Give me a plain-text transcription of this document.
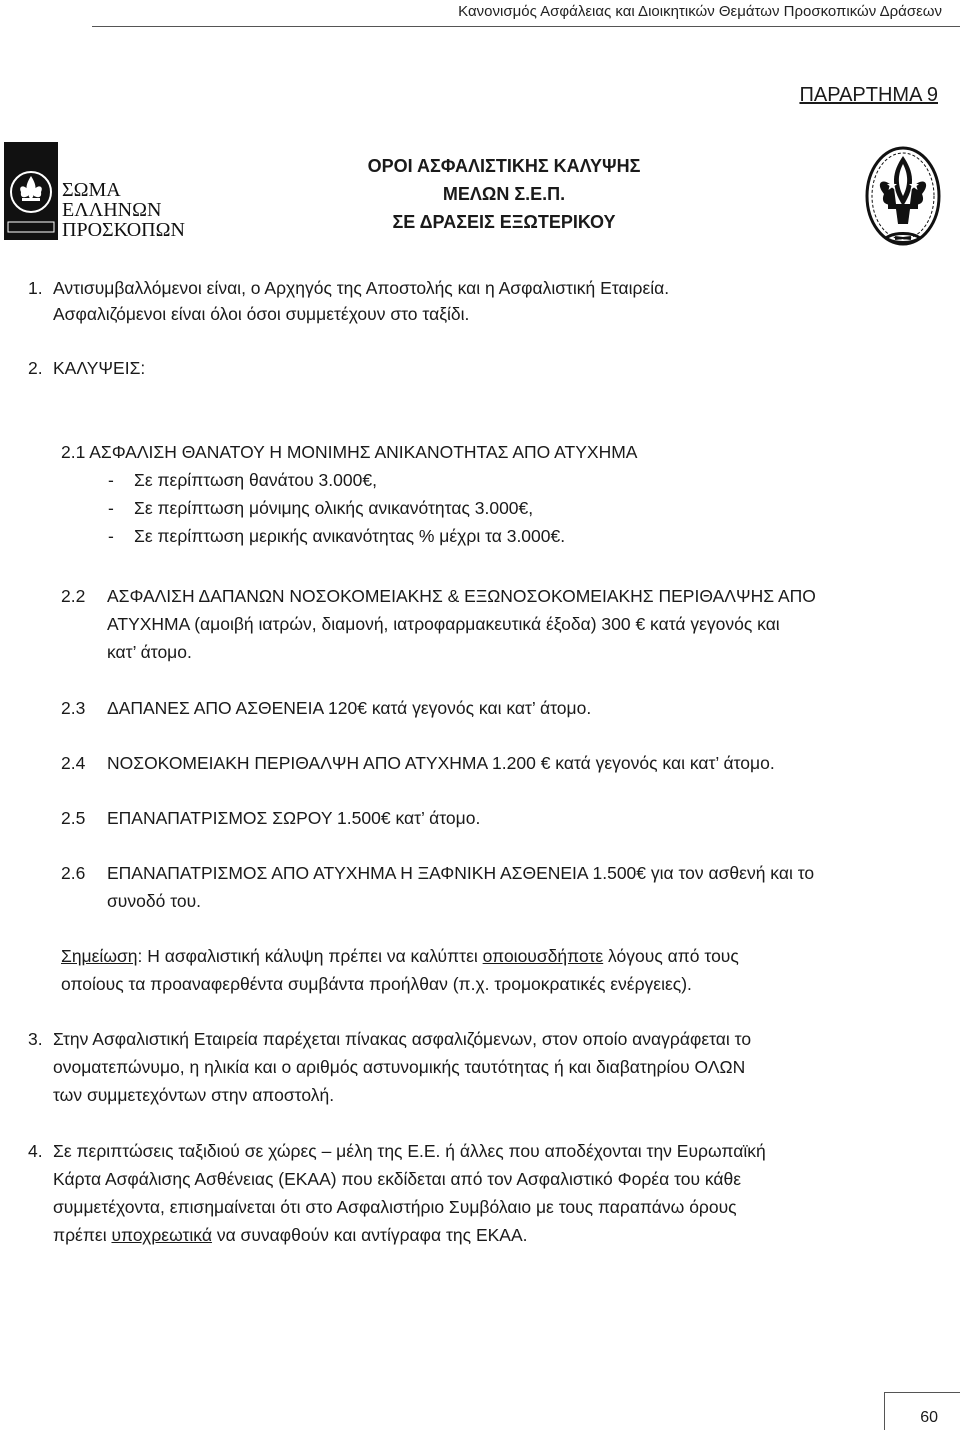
Κανονισμός Ασφάλειας και Διοικητικών Θεμάτων Προσκοπικών Δράσεων
ΠΑΡΑΡΤΗΜΑ 9
ΣΩΜΑ
ΕΛΛΗΝΩΝ
ΠΡΟΣΚΟΠΩΝ
ΟΡΟΙ ΑΣΦΑΛΙΣΤΙΚΗΣ ΚΑΛΥΨΗΣ
ΜΕΛΩΝ Σ.Ε.Π.
ΣΕ ΔΡΑΣΕΙΣ ΕΞΩΤΕΡΙΚΟΥ
1. Αντισυμβαλλόμενοι είναι, ο Αρχηγός της Αποστολής και η Ασφαλιστική Εταιρεία.
Ασφαλιζόμενοι είναι όλοι όσοι συμμετέχουν στο ταξίδι.
2. ΚΑΛΥΨΕΙΣ:
2.1 ΑΣΦΑΛΙΣΗ ΘΑΝΑΤΟΥ Η ΜΟΝΙΜΗΣ ΑΝΙΚΑΝΟΤΗΤΑΣ ΑΠΟ ΑΤΥΧΗΜΑ
- Σε περίπτωση θανάτου 3.000€,
- Σε περίπτωση μόνιμης ολικής ανικανότητας 3.000€,
- Σε περίπτωση μερικής ανικανότητας % μέχρι τα 3.000€.
2.2 ΑΣΦΑΛΙΣΗ ΔΑΠΑΝΩΝ ΝΟΣΟΚΟΜΕΙΑΚΗΣ & ΕΞΩΝΟΣΟΚΟΜΕΙΑΚΗΣ ΠΕΡΙΘΑΛΨΗΣ ΑΠΟ
ΑΤΥΧΗΜΑ (αμοιβή ιατρών, διαμονή, ιατροφαρμακευτικά έξοδα) 300 € κατά γεγονός και
κατ’ άτομο.
2.3 ΔΑΠΑΝΕΣ ΑΠΟ ΑΣΘΕΝΕΙΑ 120€ κατά γεγονός και κατ’ άτομο.
2.4 ΝΟΣΟΚΟΜΕΙΑΚΗ ΠΕΡΙΘΑΛΨΗ ΑΠΟ ΑΤΥΧΗΜΑ 1.200 € κατά γεγονός και κατ’ άτομο.
2.5 ΕΠΑΝΑΠΑΤΡΙΣΜΟΣ ΣΩΡΟΥ 1.500€ κατ’ άτομο.
2.6 ΕΠΑΝΑΠΑΤΡΙΣΜΟΣ ΑΠΟ ΑΤΥΧΗΜΑ Η ΞΑΦΝΙΚΗ ΑΣΘΕΝΕΙΑ 1.500€ για τον ασθενή και το
συνοδό του.
Σημείωση: Η ασφαλιστική κάλυψη πρέπει να καλύπτει οποιουσδήποτε λόγους από τους
οποίους τα προαναφερθέντα συμβάντα προήλθαν (π.χ. τρομοκρατικές ενέργειες).
3. Στην Ασφαλιστική Εταιρεία παρέχεται πίνακας ασφαλιζόμενων, στον οποίο αναγράφεται το
ονοματεπώνυμο, η ηλικία και ο αριθμός αστυνομικής ταυτότητας ή και διαβατηρίου ΟΛΩΝ
των συμμετεχόντων στην αποστολή.
4. Σε περιπτώσεις ταξιδιού σε χώρες – μέλη της Ε.Ε. ή άλλες που αποδέχονται την Ευρωπαϊκή
Κάρτα Ασφάλισης Ασθένειας (ΕΚΑΑ) που εκδίδεται από τον Ασφαλιστικό Φορέα του κάθε
συμμετέχοντα, επισημαίνεται ότι στο Ασφαλιστήριο Συμβόλαιο με τους παραπάνω όρους
πρέπει υποχρεωτικά να συναφθούν και αντίγραφα της ΕΚΑΑ.
60
